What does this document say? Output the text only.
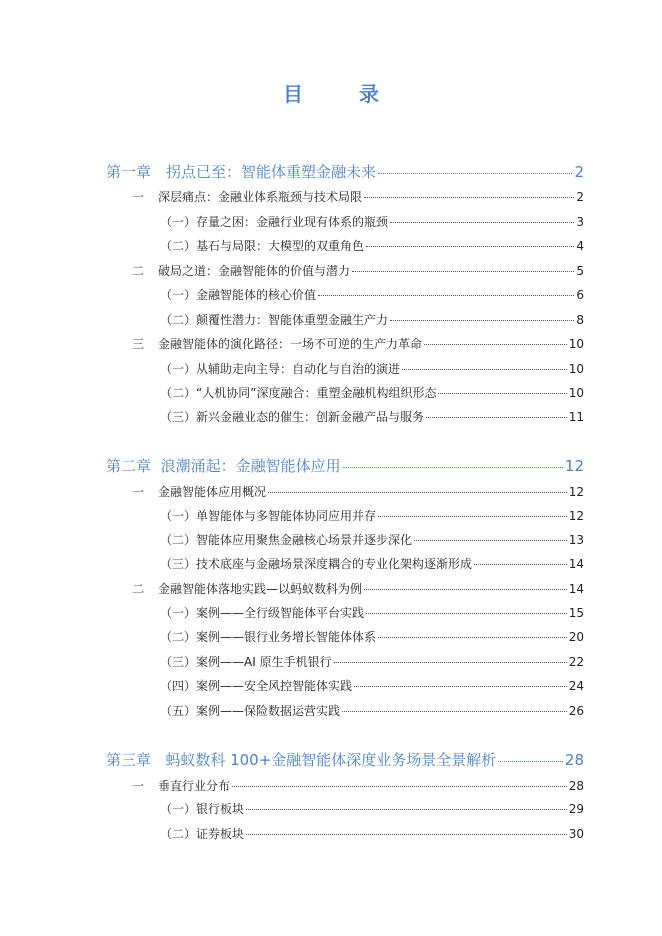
目　录
第一章　 拐点已至：智能体重塑金融未来	2
一 深层痛点：金融业体系瓶颈与技术局限	2
（一）存量之困：金融行业现有体系的瓶颈	3
（二）基石与局限：大模型的双重角色	4
二 破局之道：金融智能体的价值与潜力	5
（一）金融智能体的核心价值	6
（二）颠覆性潜力：智能体重塑金融生产力	8
三 金融智能体的演化路径：一场不可逆的生产力革命	10
（一）从辅助走向主导：自动化与自治的演进	10
（二）“人机协同”深度融合：重塑金融机构组织形态	10
（三）新兴金融业态的催生：创新金融产品与服务	11
第二章 浪潮涌起：金融智能体应用	12
一 金融智能体应用概况	12
（一）单智能体与多智能体协同应用并存	12
（二）智能体应用聚焦金融核心场景并逐步深化	13
（三）技术底座与金融场景深度耦合的专业化架构逐渐形成	14
二 金融智能体落地实践—以蚂蚁数科为例	14
（一）案例——全行级智能体平台实践	15
（二）案例——银行业务增长智能体体系	20
（三）案例——AI 原生手机银行	22
（四）案例——安全风控智能体实践	24
（五）案例——保险数据运营实践	26
第三章 蚂蚁数科 100+金融智能体深度业务场景全景解析	28
一 垂直行业分布	28
（一）银行板块	29
（二）证券板块	30
